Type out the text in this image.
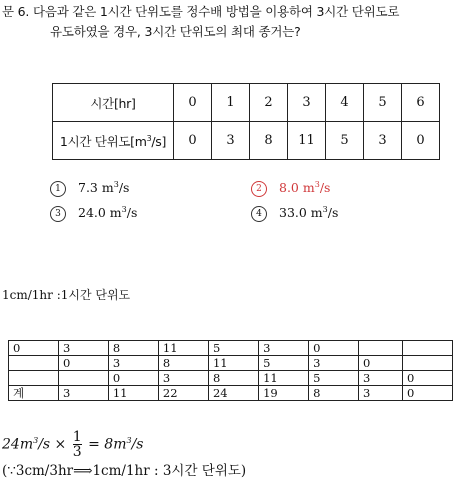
문 6. 다음과 같은 1시간 단위도를 정수배 방법을 이용하여 3시간 단위도로
유도하였을 경우, 3시간 단위도의 최대 종거는?
시간[hr]	0	1	2	3	4	5	6
1시간 단위도$[m^3/s]$	0	3	8	11	5	3	0
1 7.3 $m^3/s$	2 8.0 $m^3/s$
3 24.0 $m^3/s$	4 33.0 $m^3/s$
1cm/1hr :1시간 단위도
0	3	8	11	5	3	0		
	0	3	8	11	5	3	0	
		0	3	8	11	5	3	0
계	3	11	22	24	19	8	3	0
$24m^3/s \times \frac{1}{3} = 8m^3/s$
(∵3cm/3hr⟹1cm/1hr : 3시간 단위도)
